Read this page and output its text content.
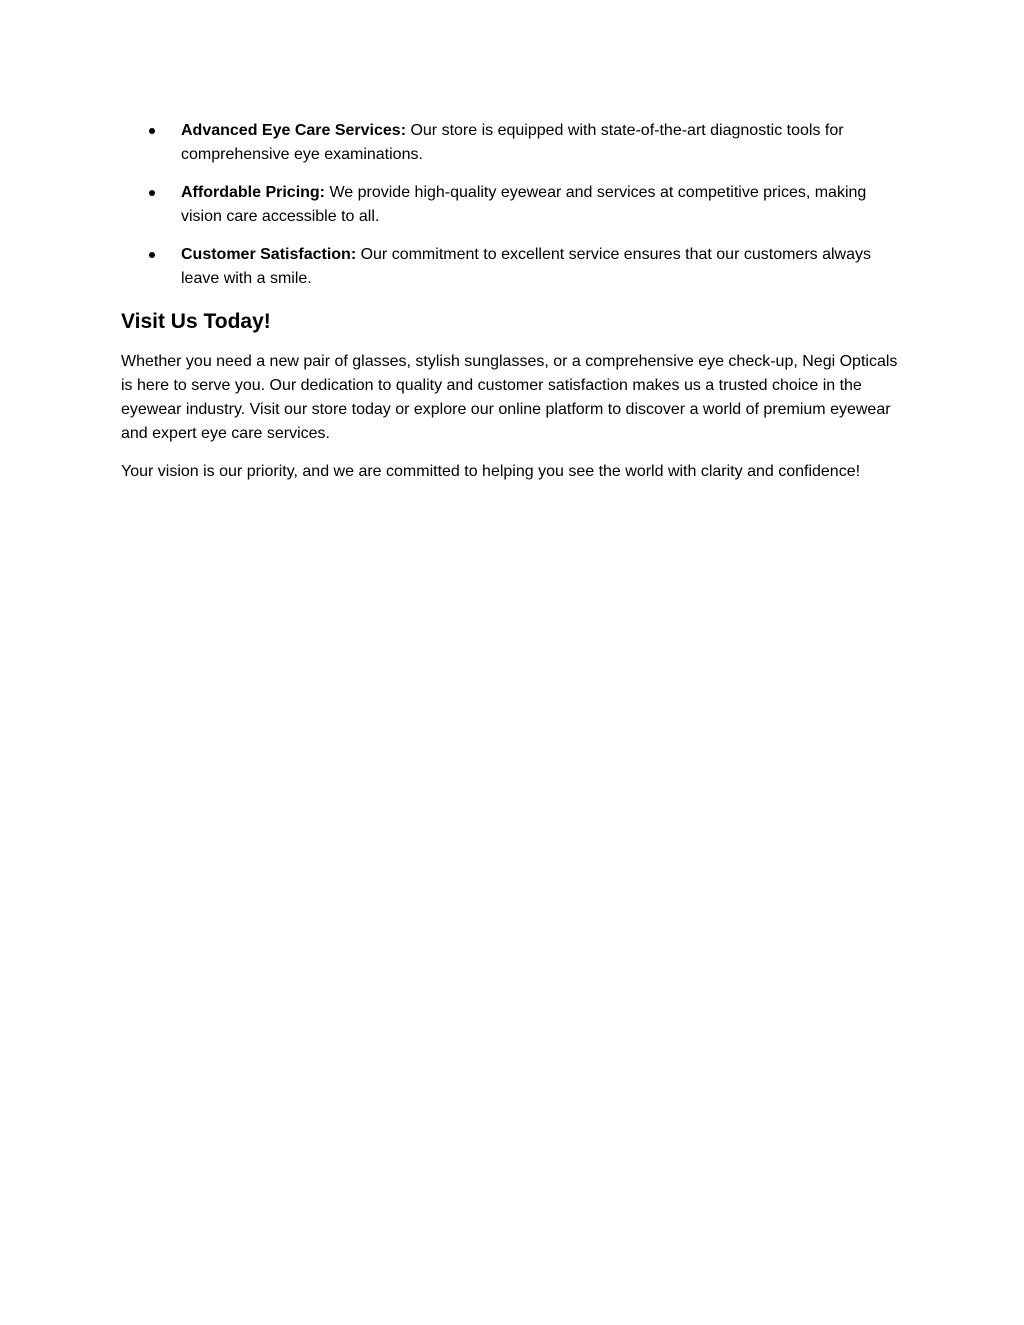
Advanced Eye Care Services: Our store is equipped with state-of-the-art diagnostic tools for comprehensive eye examinations.
Affordable Pricing: We provide high-quality eyewear and services at competitive prices, making vision care accessible to all.
Customer Satisfaction: Our commitment to excellent service ensures that our customers always leave with a smile.
Visit Us Today!

Whether you need a new pair of glasses, stylish sunglasses, or a comprehensive eye check-up, Negi Opticals is here to serve you. Our dedication to quality and customer satisfaction makes us a trusted choice in the eyewear industry. Visit our store today or explore our online platform to discover a world of premium eyewear and expert eye care services.

Your vision is our priority, and we are committed to helping you see the world with clarity and confidence!
